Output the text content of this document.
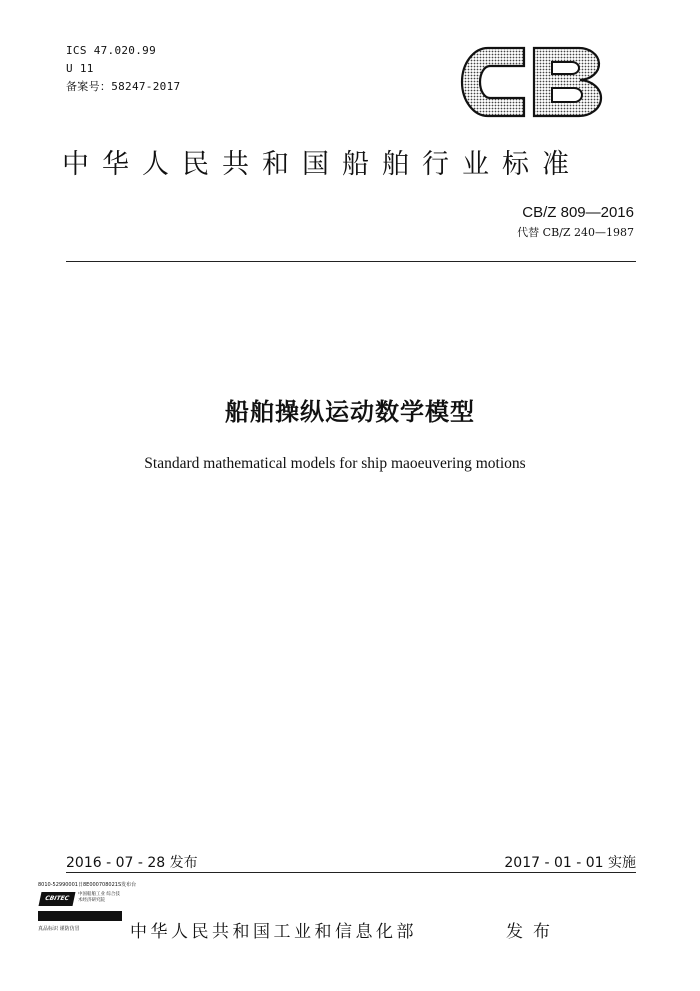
ICS 47.020.99
U 11
备案号：58247-2017
中华人民共和国船舶行业标准
CB/Z 809—2016
代替 CB/Z 240—1987
船舶操纵运动数学模型
Standard mathematical models for ship maoeuvering motions
2016 - 07 - 28 发布	2017 - 01 - 01 实施
8010-52990001日8E000708021S发布台
CBITEC
中国船舶工业 综合技术经济研究院
真品标识 谨防仿冒	中华人民共和国工业和信息化部	发布
